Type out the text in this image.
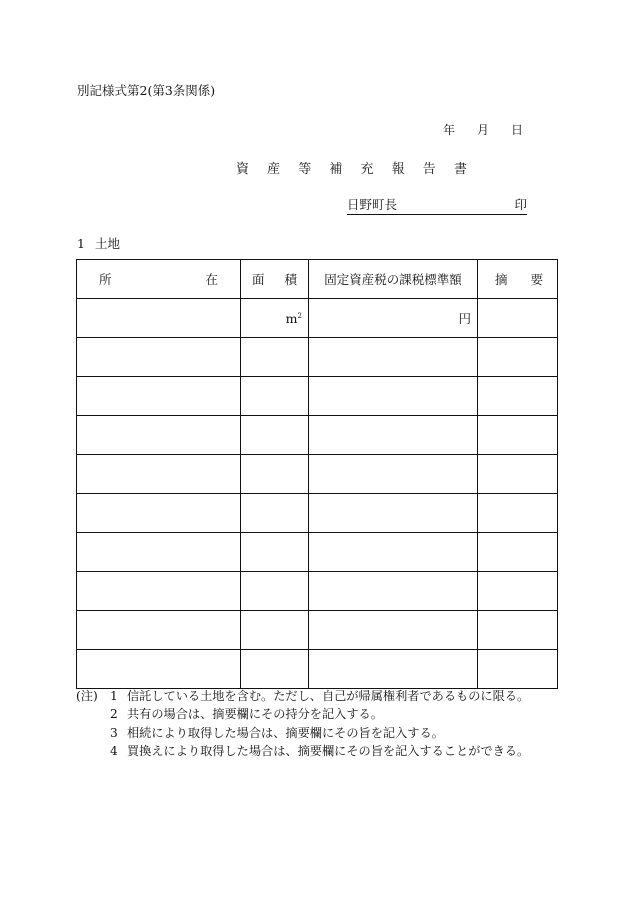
別記様式第2(第3条関係)
年 月 日
資 産 等 補 充 報 告 書
日野町長	印
1 土地
所 在	面 積	固定資産税の課税標準額	摘 要

	$m^2$	円	

(注) 1 信託している土地を含む。ただし、自己が帰属権利者であるものに限る。
2 共有の場合は、摘要欄にその持分を記入する。
3 相続により取得した場合は、摘要欄にその旨を記入する。
4 買換えにより取得した場合は、摘要欄にその旨を記入することができる。
